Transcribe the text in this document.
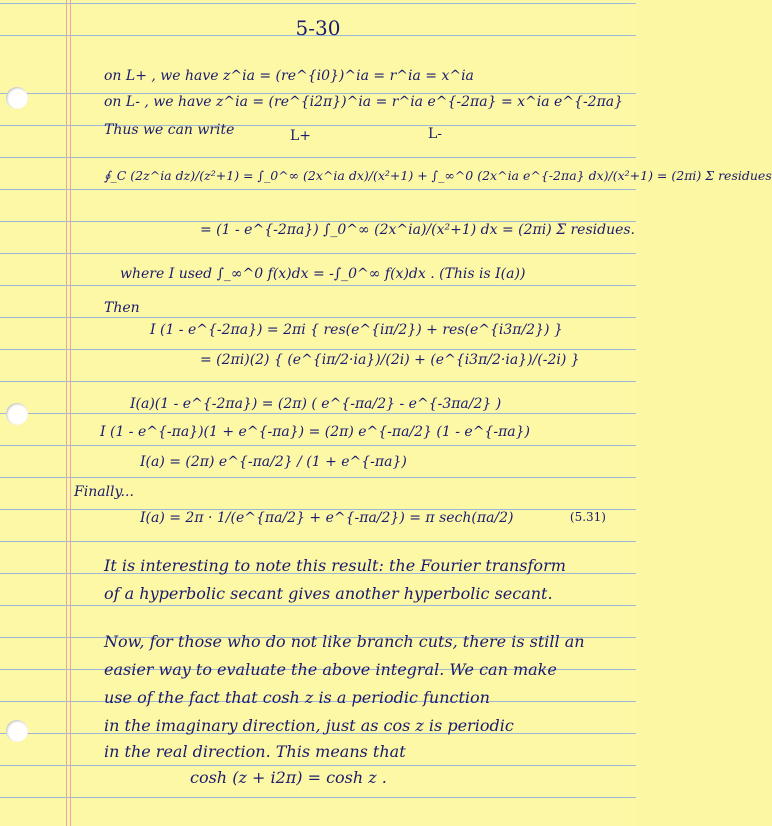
5-30
on L+ , we have z^ia = (re^{i0})^ia = r^ia = x^ia
on L- , we have z^ia = (re^{i2π})^ia = r^ia e^{-2πa} = x^ia e^{-2πa}
Thus we can write	L+	L-
∮_C (2z^ia dz)/(z²+1) = ∫_0^∞ (2x^ia dx)/(x²+1) + ∫_∞^0 (2x^ia e^{-2πa} dx)/(x²+1) = (2πi) Σ residues
= (1 - e^{-2πa}) ∫_0^∞ (2x^ia)/(x²+1) dx = (2πi) Σ residues.
where I used ∫_∞^0 f(x)dx = -∫_0^∞ f(x)dx . (This is I(a))
Then
I (1 - e^{-2πa}) = 2πi { res(e^{iπ/2}) + res(e^{i3π/2}) }
= (2πi)(2) { (e^{iπ/2·ia})/(2i) + (e^{i3π/2·ia})/(-2i) }
I(a)(1 - e^{-2πa}) = (2π) ( e^{-πa/2} - e^{-3πa/2} )
I (1 - e^{-πa})(1 + e^{-πa}) = (2π) e^{-πa/2} (1 - e^{-πa})
I(a) = (2π) e^{-πa/2} / (1 + e^{-πa})
Finally...
I(a) = 2π · 1/(e^{πa/2} + e^{-πa/2}) = π sech(πa/2)	(5.31)
It is interesting to note this result: the Fourier transform
of a hyperbolic secant gives another hyperbolic secant.
Now, for those who do not like branch cuts, there is still an
easier way to evaluate the above integral. We can make
use of the fact that cosh z is a periodic function
in the imaginary direction, just as cos z is periodic
in the real direction. This means that
cosh (z + i2π) = cosh z .
